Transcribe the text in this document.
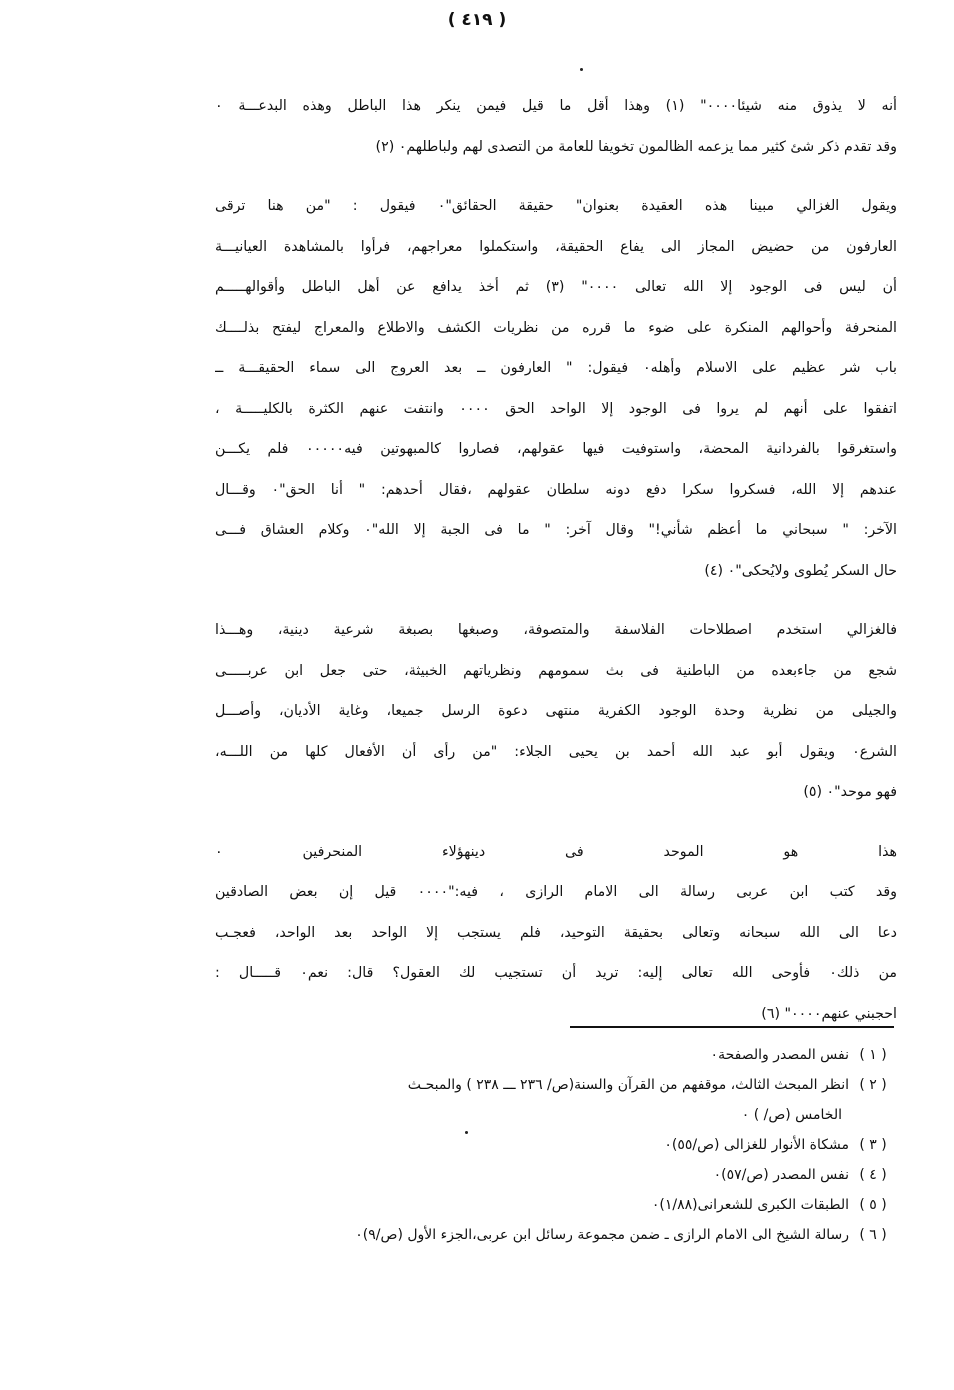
( ٤١٩ )
أنه لا يذوق منه شيئا٠٠٠٠" (١) وهذا أقل ما قيل فيمن ينكر هذا الباطل وهذه البدعـــة ٠
وقد تقدم ذكر شئ كثير مما يزعمه الظالمون تخويفا للعامة من التصدى لهم ولباطلهم٠ (٢)
ويقول الغزالي مبينا هذه العقيدة بعنوان" حقيقة الحقائق"٠ فيقول : "من هنا ترقى
العارفون من حضيض المجاز الى يفاع الحقيقة، واستكملوا معراجهم، فرأوا بالمشاهدة العيانيـــة
أن ليس فى الوجود إلا الله تعالى ٠٠٠٠" (٣) ثم أخذ يدافع عن أهل الباطل وأقوالهـــــم
المنحرفة وأحوالهم المنكرة على ضوء ما قرره من نظريات الكشف والاطلاع والمعراج ليفتح بذلــــك
باب شر عظيم على الاسلام وأهله٠ فيقول: " العارفون ــ بعد العروج الى سماء الحقيقـــة ــ
اتفقوا على أنهم لم يروا فى الوجود إلا الواحد الحق ٠٠٠٠ وانتفت عنهم الكثرة بالكليـــــة ،
واستغرقوا بالفردانية المحضة، واستوفيت فيها عقولهم، فصاروا كالمبهوتين فيه٠٠٠٠٠ فلم يكـــن
عندهم إلا الله، فسكروا سكرا دفع دونه سلطان عقولهم ،فقال أحدهم: " أنا الحق"٠ وقـــال
الآخر: " سبحاني ما أعظم شأني!" وقال آخر: " ما فى الجبة إلا الله"٠ وكلام العشاق فـــى
حال السكر يُطوى ولايُحكى"٠ (٤)
فالغزالي استخدم اصطلاحات الفلاسفة والمتصوفة، وصبغها بصبغة شرعية دينية، وهـــذا
شجع من جاءبعده من الباطنية فى بث سمومهم ونظرياتهم الخبيثة، حتى جعل ابن عربـــــى
والجيلى من نظرية وحدة الوجود الكفرية منتهى دعوة الرسل جميعا، وغاية الأديان، وأصـــل
الشرع٠ ويقول أبو عبد الله أحمد بن يحيى الجلاء: "من رأى أن الأفعال كلها من اللـــه،
فهو موحد"٠ (٥)
هذا هو الموحد فى دينهؤلاء المنحرفين ٠
وقد كتب ابن عربى رسالة الى الامام الرازى ، فيه:"٠٠٠٠ قيل إن بعض الصادقين
دعا الى الله سبحانه وتعالى بحقيقة التوحيد، فلم يستجب إلا الواحد بعد الواحد، فعجـب
من ذلك٠ فأوحى الله تعالى إليه: تريد أن تستجيب لك العقول؟ قال: نعم٠ قـــــال :
احجبني عنهم٠٠٠٠" (٦)
( ١ )نفس المصدر والصفحة٠
( ٢ )انظر المبحث الثالث، موقفهم من القرآن والسنة(ص/ ٢٣٦ ـــ ٢٣٨ ) والمبحـث
الخامس (ص/ ) ٠
( ٣ )مشكاة الأنوار للغزالى (ص/٥٥)٠
( ٤ )نفس المصدر (ص/٥٧)٠
( ٥ )الطبقات الكبرى للشعرانى(١/٨٨)٠
( ٦ )رسالة الشيخ الى الامام الرازى ـ ضمن مجموعة رسائل ابن عربى،الجزء الأول (ص/٩)٠
